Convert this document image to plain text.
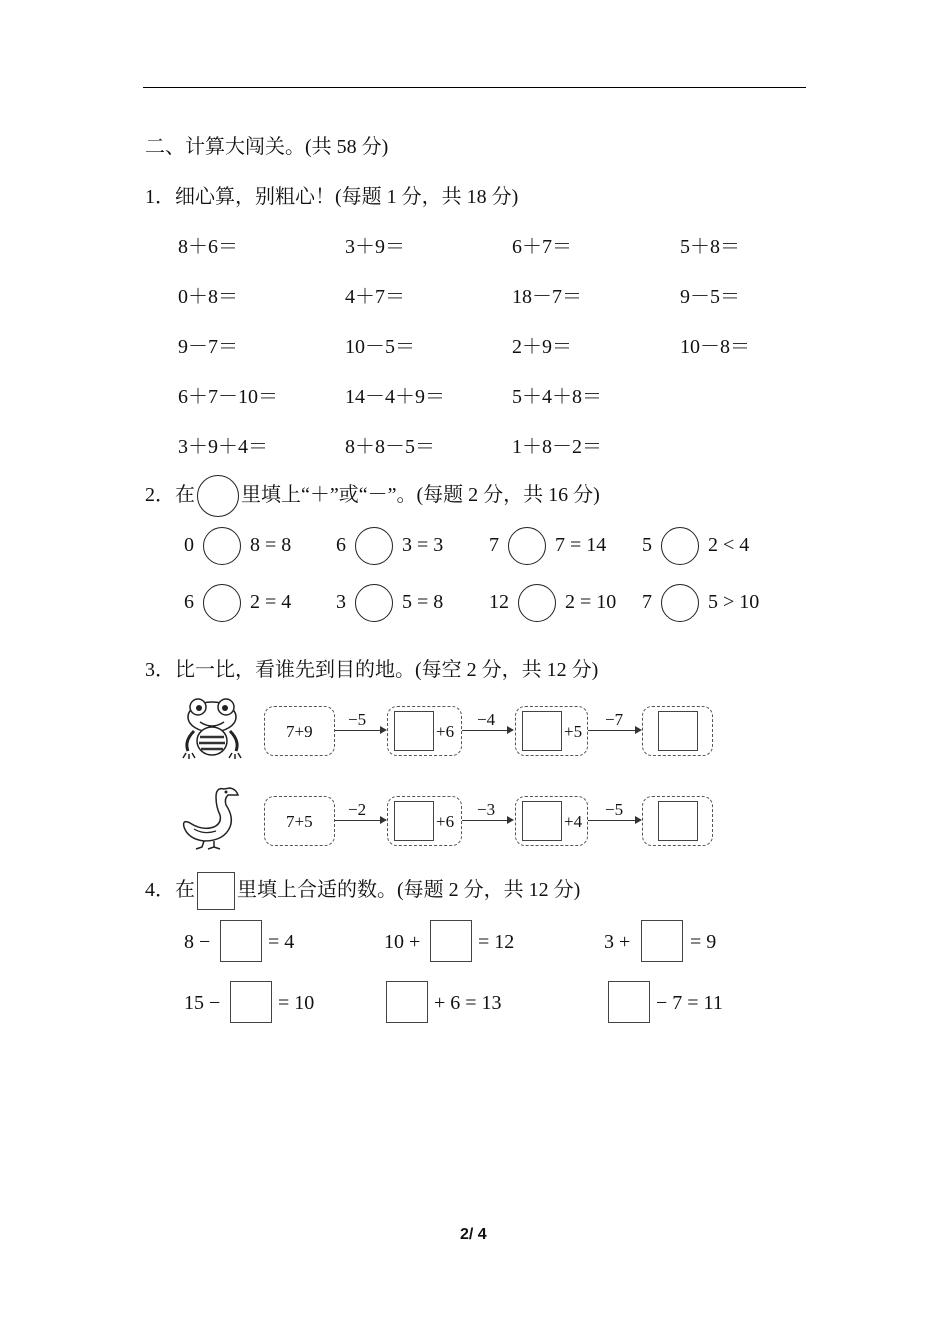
二、计算大闯关。(共 58 分)
1．细心算，别粗心！(每题 1 分，共 18 分)
8＋6＝	3＋9＝	6＋7＝	5＋8＝
0＋8＝	4＋7＝	18－7＝	9－5＝
9－7＝	10－5＝	2＋9＝	10－8＝
6＋7－10＝	14－4＋9＝	5＋4＋8＝
3＋9＋4＝	8＋8－5＝	1＋8－2＝
2．在 里填上“＋”或“－”。(每题 2 分，共 16 分)
0	8 = 8 6	3 = 3 7	7 = 14 5	2 < 4
6	2 = 4 3	5 = 8 12	2 = 10 7	5 > 10
3．比一比，看谁先到目的地。(每空 2 分，共 12 分)
7+9
−5
+6
−4
+5
−7
7+5
−2
+6
−3
+4
−5
4．在 里填上合适的数。(每题 2 分，共 12 分)
8 −	= 4	10 +	= 12	3 +	= 9
15 −	= 10	+ 6 = 13	− 7 = 11
2/ 4
